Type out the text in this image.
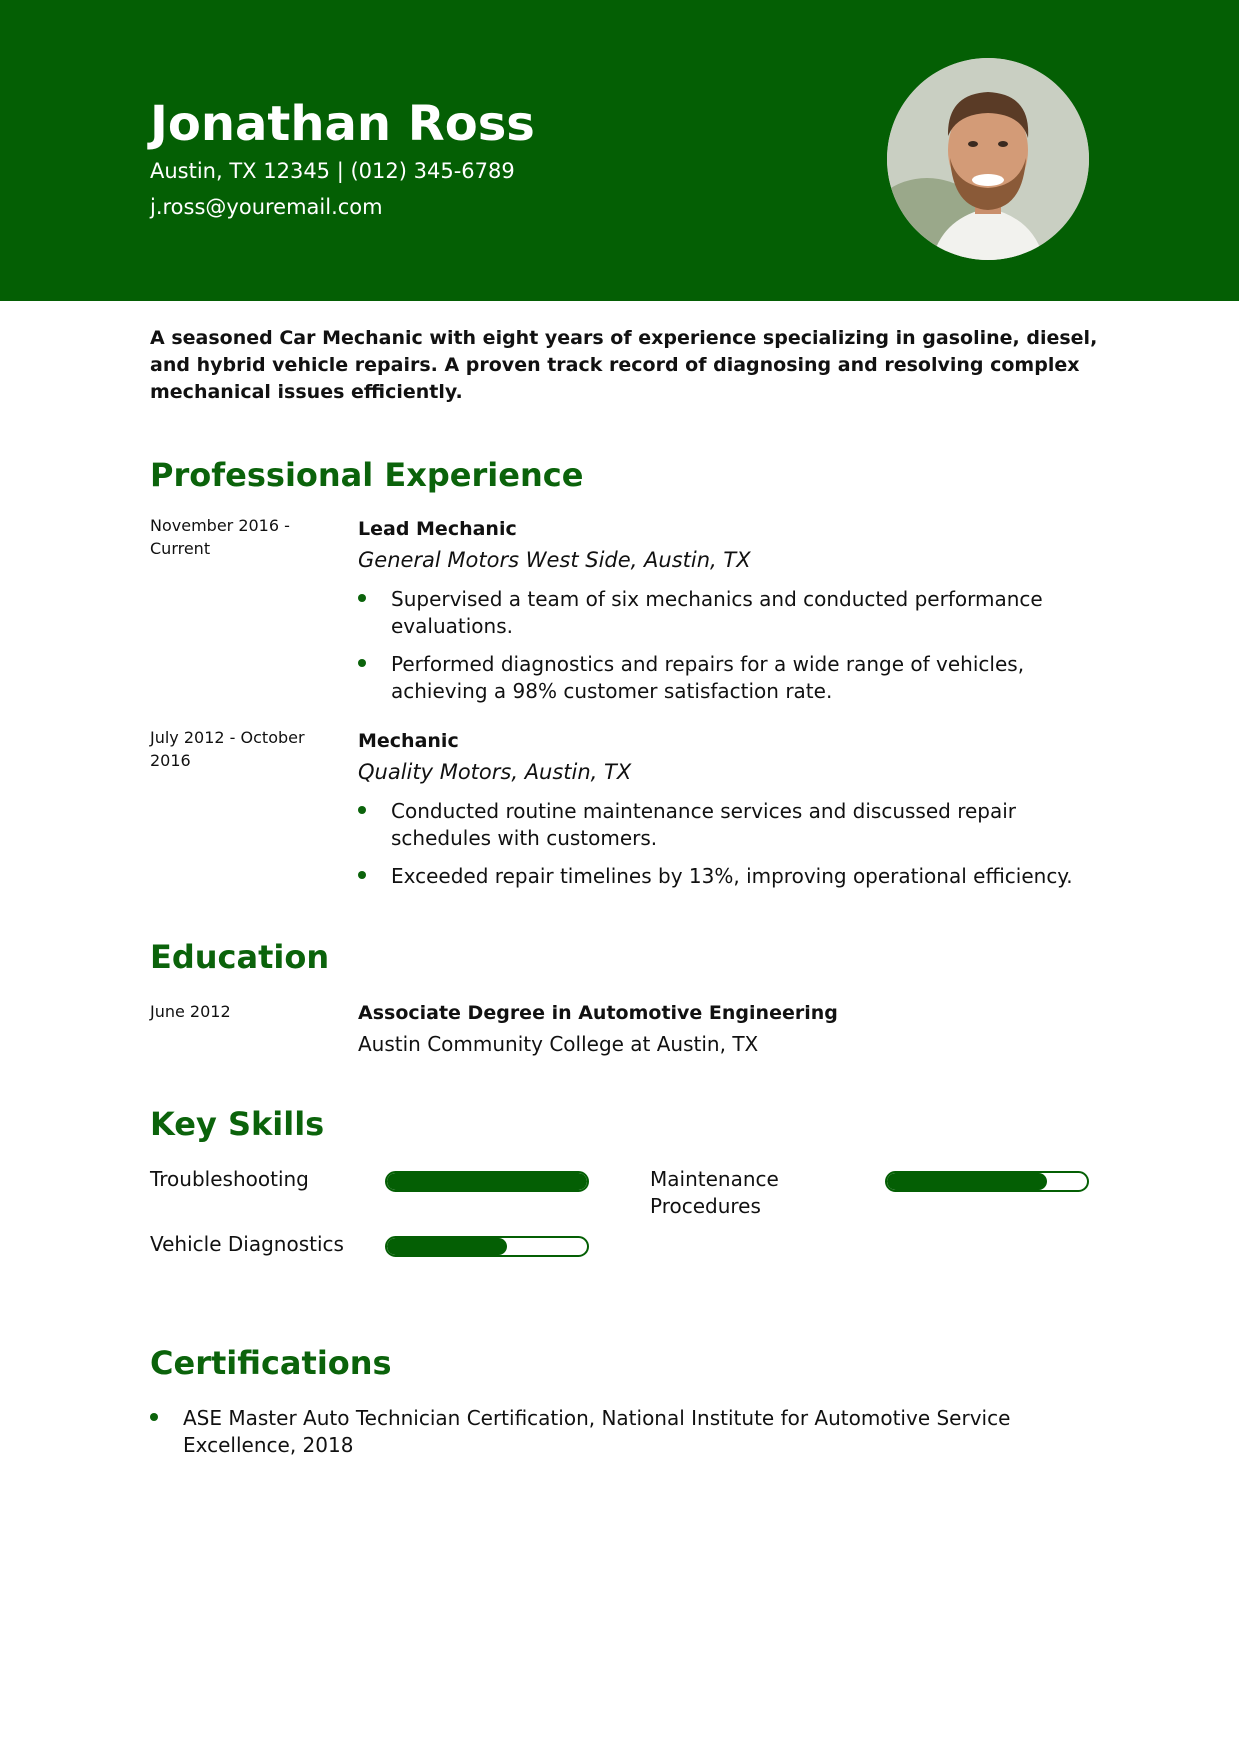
Jonathan Ross
Austin, TX 12345 | (012) 345-6789
j.ross@youremail.com
A seasoned Car Mechanic with eight years of experience specializing in gasoline, diesel, and hybrid vehicle repairs. A proven track record of diagnosing and resolving complex mechanical issues efficiently.
Professional Experience
November 2016 - Current
Lead Mechanic
General Motors West Side, Austin, TX
Supervised a team of six mechanics and conducted performance evaluations.
Performed diagnostics and repairs for a wide range of vehicles, achieving a 98% customer satisfaction rate.
July 2012 - October 2016
Mechanic
Quality Motors, Austin, TX
Conducted routine maintenance services and discussed repair schedules with customers.
Exceeded repair timelines by 13%, improving operational efficiency.
Education
June 2012	Associate Degree in Automotive Engineering
Austin Community College at Austin, TX
Key Skills
Troubleshooting	Maintenance Procedures
Vehicle Diagnostics
Certifications
ASE Master Auto Technician Certification, National Institute for Automotive Service Excellence, 2018
